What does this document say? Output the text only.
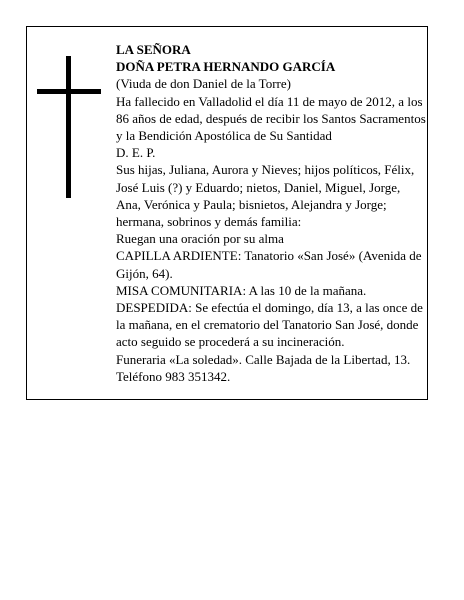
LA SEÑORA

DOÑA PETRA HERNANDO GARCÍA

(Viuda de don Daniel de la Torre)

Ha fallecido en Valladolid el día 11 de mayo de 2012, a los 86 años de edad, después de recibir los Santos Sacramentos y la Bendición Apostólica de Su Santidad

D. E. P.

Sus hijas, Juliana, Aurora y Nieves; hijos políticos, Félix, José Luis (?) y Eduardo; nietos, Daniel, Miguel, Jorge, Ana, Verónica y Paula; bisnietos, Alejandra y Jorge; hermana, sobrinos y demás familia:

Ruegan una oración por su alma

CAPILLA ARDIENTE: Tanatorio «San José» (Avenida de Gijón, 64).

MISA COMUNITARIA: A las 10 de la mañana.

DESPEDIDA: Se efectúa el domingo, día 13, a las once de la mañana, en el crematorio del Tanatorio San José, donde acto seguido se procederá a su incineración.

Funeraria «La soledad». Calle Bajada de la Libertad, 13. Teléfono 983 351342.
